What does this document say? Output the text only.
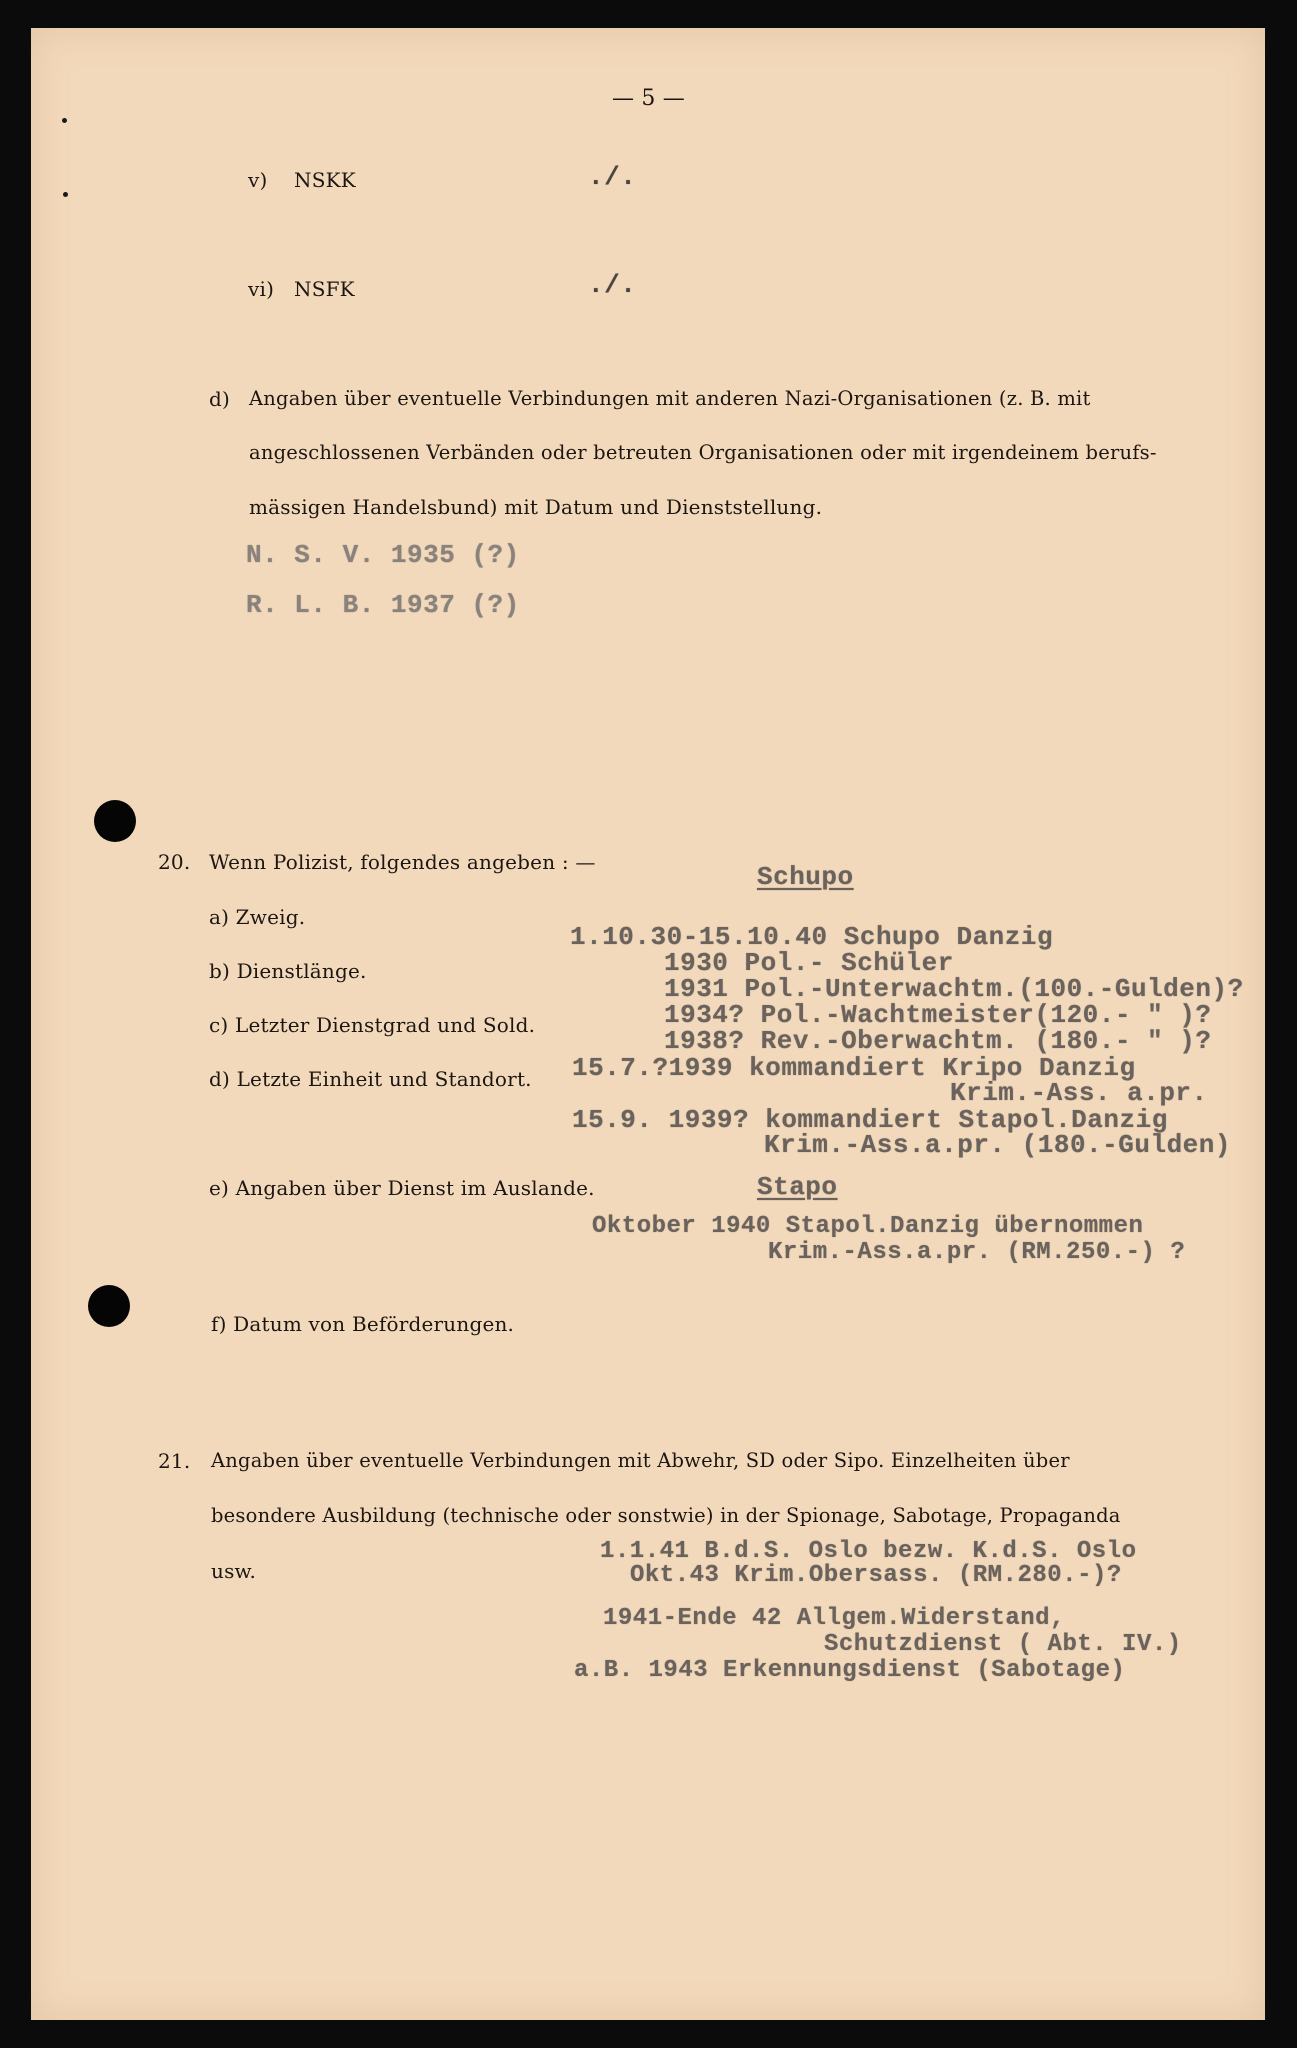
— 5 —
v) NSKK	./.
vi) NSFK	./.
d) Angaben über eventuelle Verbindungen mit anderen Nazi-Organisationen (z. B. mit
angeschlossenen Verbänden oder betreuten Organisationen oder mit irgendeinem berufs-
mässigen Handelsbund) mit Datum und Dienststellung.
N. S. V. 1935 (?)
R. L. B. 1937 (?)
20. Wenn Polizist, folgendes angeben : —	Schupo
a) Zweig.
b) Dienstlänge.
c) Letzter Dienstgrad und Sold.
d) Letzte Einheit und Standort.
1.10.30-15.10.40 Schupo Danzig
1930 Pol.- Schüler
1931 Pol.-Unterwachtm.(100.-Gulden)?
1934? Pol.-Wachtmeister(120.- " )?
1938? Rev.-Oberwachtm. (180.- " )?
15.7.?1939 kommandiert Kripo Danzig
Krim.-Ass. a.pr.
15.9. 1939? kommandiert Stapol.Danzig
Krim.-Ass.a.pr. (180.-Gulden)
e) Angaben über Dienst im Auslande.	Stapo
Oktober 1940 Stapol.Danzig übernommen
Krim.-Ass.a.pr. (RM.250.-) ?
f) Datum von Beförderungen.
21. Angaben über eventuelle Verbindungen mit Abwehr, SD oder Sipo. Einzelheiten über
besondere Ausbildung (technische oder sonstwie) in der Spionage, Sabotage, Propaganda
usw.
1.1.41 B.d.S. Oslo bezw. K.d.S. Oslo
Okt.43 Krim.Obersass. (RM.280.-)?
1941-Ende 42 Allgem.Widerstand,
Schutzdienst ( Abt. IV.)
a.B. 1943 Erkennungsdienst (Sabotage)
